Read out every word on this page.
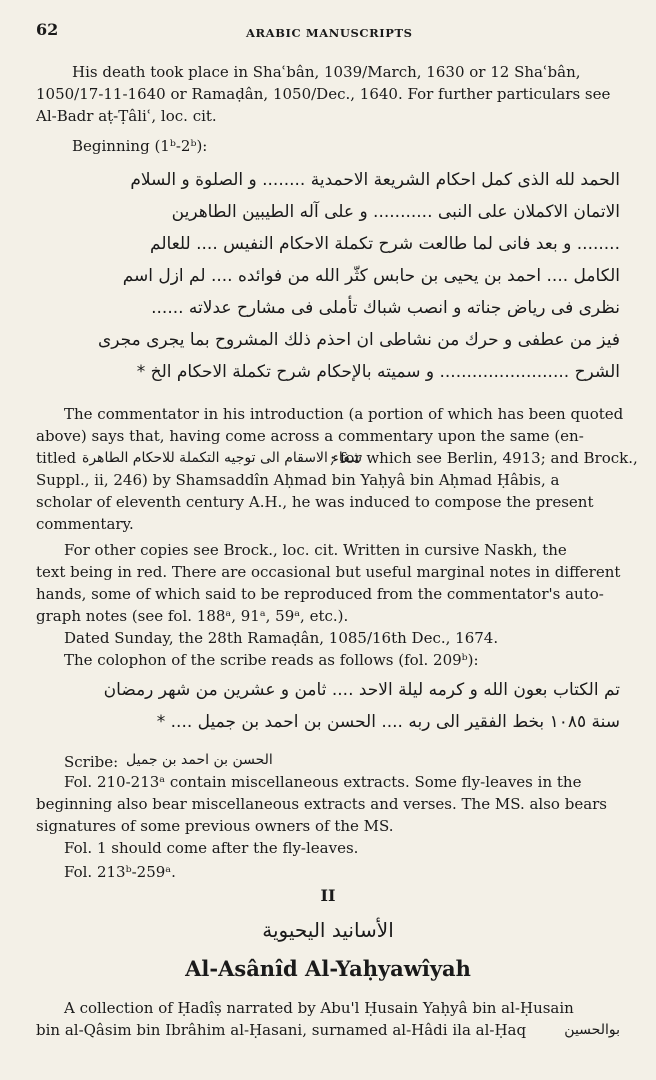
62	ARABIC MANUSCRIPTS
His death took place in Shaʿbân, 1039/March, 1630 or 12 Shaʿbân,
1050/17-11-1640 or Ramaḍân, 1050/Dec., 1640. For further particulars see
Al-Badr aṭ-Ṭâliʿ, loc. cit.
Beginning (1ᵇ-2ᵇ):
الحمد لله الذى كمل احكام الشريعة الاحمدية ........ و الصلوة و السلام
الاتمان الاكملان على النبى ........... و على آله الطيبين الطاهرين
........ و بعد فانى لما طالعت شرح تكملة الاحكام النفيس .... للعالم
الكامل .... احمد بن يحيى بن حابس كثّر الله من فوائده .... لم ازل اسم
نظرى فى رياض جناته و انصب شباك تأملى فى مشارح عدلاته ......
فيز من عطفى و حرك من نشاطى ان احذم ذلك المشروح بما يجرى مجرى
الشرح ........................ و سميته بالإحكام شرح تكملة الاحكام الخ *
The commentator in his introduction (a portion of which has been quoted
above) says that, having come across a commentary upon the same (en-
titled شفاء الاسقام الى توجيه التكملة للاحكام الطاهرة
; for which see Berlin, 4913; and Brock.,
Suppl., ii, 246) by Shamsaddîn Aḥmad bin Yaḥyâ bin Aḥmad Ḥâbis, a
scholar of eleventh century A.H., he was induced to compose the present
commentary.
For other copies see Brock., loc. cit. Written in cursive Naskh, the
text being in red. There are occasional but useful marginal notes in different
hands, some of which said to be reproduced from the commentator's auto-
graph notes (see fol. 188ᵃ, 91ᵃ, 59ᵃ, etc.).
Dated Sunday, the 28th Ramaḍân, 1085/16th Dec., 1674.
The colophon of the scribe reads as follows (fol. 209ᵇ):
تم الكتاب بعون الله و كرمه ليلة الاحد .... ثامن و عشرين من شهر رمضان
سنة ١٠٨٥ بخط الفقير الى ربه .... الحسن بن احمد بن جميل .... *
Scribe: الحسن بن احمد بن جميل
Fol. 210-213ᵃ contain miscellaneous extracts. Some fly-leaves in the
beginning also bear miscellaneous extracts and verses. The MS. also bears
signatures of some previous owners of the MS.
Fol. 1 should come after the fly-leaves.
Fol. 213ᵇ-259ᵃ.
II
الأسانيد اليحيوية
Al-Asânîd Al-Yaḥyawîyah
A collection of Ḥadîṣ narrated by Abu'l Ḥusain Yaḥyâ bin al-Ḥusain
bin al-Qâsim bin Ibrâhim al-Ḥasani, surnamed al-Hâdi ila al-Ḥaq	بوالحسين
